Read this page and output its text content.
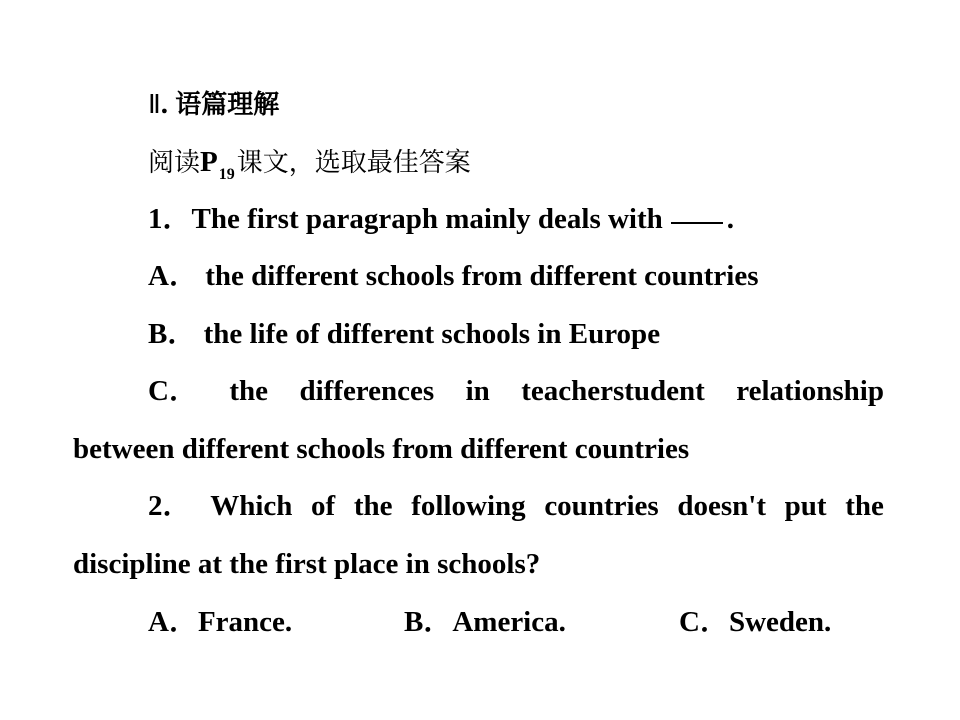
Ⅱ. 语篇理解
阅读$P_{19}$课文，选取最佳答案
1．The first paragraph mainly deals with .
A． the different schools from different countries
B． the life of different schools in Europe
C． the differences in teacherstudent relationship
between different schools from different countries
2． Which of the following countries doesn't put the
discipline at the first place in schools?
A．France.	B．America.	C．Sweden.
